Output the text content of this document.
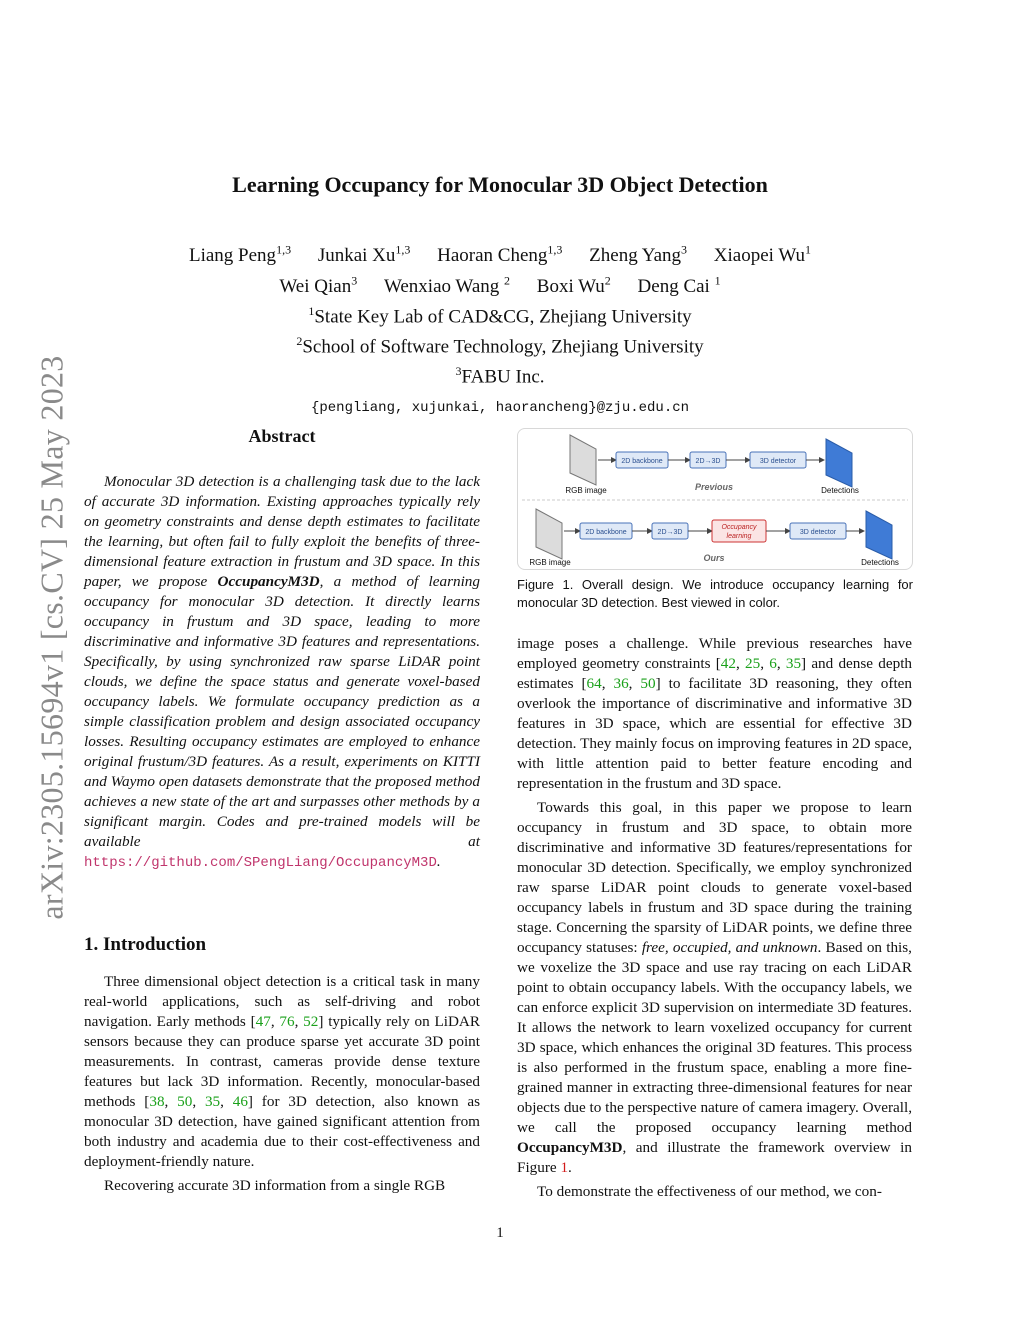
arXiv:2305.15694v1 [cs.CV] 25 May 2023
Learning Occupancy for Monocular 3D Object Detection
Liang Peng$^{1,3}$ Junkai Xu$^{1,3}$ Haoran Cheng$^{1,3}$ Zheng Yang$^3$ Xiaopei Wu$^1$
Wei Qian$^3$ Wenxiao Wang $^2$ Boxi Wu$^2$ Deng Cai $^1$
$^1$State Key Lab of CAD&CG, Zhejiang University
$^2$School of Software Technology, Zhejiang University
$^3$FABU Inc.
{pengliang, xujunkai, haorancheng}@zju.edu.cn
Abstract
Monocular 3D detection is a challenging task due to the lack of accurate 3D information. Existing approaches typically rely on geometry constraints and dense depth estimates to facilitate the learning, but often fail to fully exploit the benefits of three-dimensional feature extraction in frustum and 3D space. In this paper, we propose OccupancyM3D, a method of learning occupancy for monocular 3D detection. It directly learns occupancy in frustum and 3D space, leading to more discriminative and informative 3D features and representations. Specifically, by using synchronized raw sparse LiDAR point clouds, we define the space status and generate voxel-based occupancy labels. We formulate occupancy prediction as a simple classification problem and design associated occupancy losses. Resulting occupancy estimates are employed to enhance original frustum/3D features. As a result, experiments on KITTI and Waymo open datasets demonstrate that the proposed method achieves a new state of the art and surpasses other methods by a significant margin. Codes and pre-trained models will be available at https://github.com/SPengLiang/OccupancyM3D.
1. Introduction

Three dimensional object detection is a critical task in many real-world applications, such as self-driving and robot navigation. Early methods [47, 76, 52] typically rely on LiDAR sensors because they can produce sparse yet accurate 3D point measurements. In contrast, cameras provide dense texture features but lack 3D information. Recently, monocular-based methods [38, 50, 35, 46] for 3D detection, also known as monocular 3D detection, have gained significant attention from both industry and academia due to their cost-effectiveness and deployment-friendly nature.

Recovering accurate 3D information from a single RGB

2D backbone	2D→3D	3D detector
RGB image	Previous	Detections
2D backbone	2D→3D
Occupancy
learning
3D detector
RGB image	Ours	Detections
Figure 1. Overall design. We introduce occupancy learning for monocular 3D detection. Best viewed in color.

image poses a challenge. While previous researches have employed geometry constraints [42, 25, 6, 35] and dense depth estimates [64, 36, 50] to facilitate 3D reasoning, they often overlook the importance of discriminative and informative 3D features in 3D space, which are essential for effective 3D detection. They mainly focus on improving features in 2D space, with little attention paid to better feature encoding and representation in the frustum and 3D space.

Towards this goal, in this paper we propose to learn occupancy in frustum and 3D space, to obtain more discriminative and informative 3D features/representations for monocular 3D detection. Specifically, we employ synchronized raw sparse LiDAR point clouds to generate voxel-based occupancy labels in frustum and 3D space during the training stage. Concerning the sparsity of LiDAR points, we define three occupancy statuses: free, occupied, and unknown. Based on this, we voxelize the 3D space and use ray tracing on each LiDAR point to obtain occupancy labels. With the occupancy labels, we can enforce explicit 3D supervision on intermediate 3D features. It allows the network to learn voxelized occupancy for current 3D space, which enhances the original 3D features. This process is also performed in the frustum space, enabling a more fine-grained manner in extracting three-dimensional features for near objects due to the perspective nature of camera imagery. Overall, we call the proposed occupancy learning method OccupancyM3D, and illustrate the framework overview in Figure 1.

To demonstrate the effectiveness of our method, we con-

1
